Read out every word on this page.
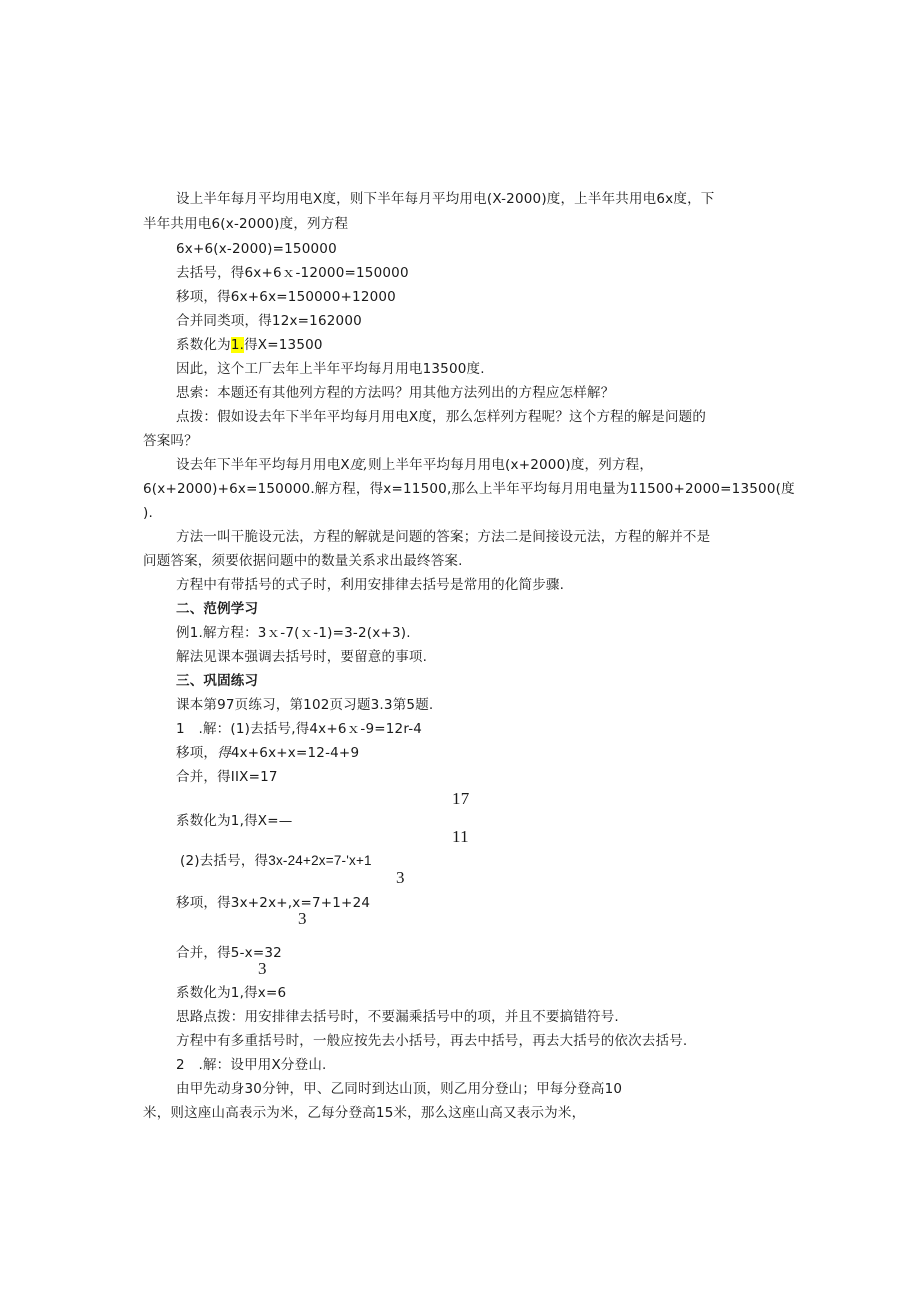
设上半年每月平均用电X度，则下半年每月平均用电(X-2000)度，上半年共用电6x度，下
半年共用电6(x-2000)度，列方程
6x+6(x-2000)=150000
去括号，得6x+6ｘ-12000=150000
移项，得6x+6x=150000+12000
合并同类项，得12x=162000
系数化为1.得X=13500
因此，这个工厂去年上半年平均每月用电13500度.
思索：本题还有其他列方程的方法吗？用其他方法列出的方程应怎样解？
点拨：假如设去年下半年平均每月用电X度，那么怎样列方程呢？这个方程的解是问题的
答案吗？
设去年下半年平均每月用电X度,则上半年平均每月用电(x+2000)度，列方程，
6(x+2000)+6x=150000.解方程，得x=11500,那么上半年平均每月用电量为11500+2000=13500(度
).
方法一叫干脆设元法，方程的解就是问题的答案；方法二是间接设元法，方程的解并不是
问题答案，须要依据问题中的数量关系求出最终答案.
方程中有带括号的式子时，利用安排律去括号是常用的化简步骤.
二、范例学习
例1.解方程：3ｘ-7(ｘ-1)=3-2(x+3).
解法见课本强调去括号时，要留意的事项.
三、巩固练习
课本第97页练习，第102页习题3.3第5题.
1　.解：(1)去括号,得4x+6ｘ-9=12r-4
移项，得4x+6x+x=12-4+9
合并，得IIX=17
17
系数化为1,得X=—
11
(2)去括号，得3x-24+2x=7-'x+1
3
移项，得3x+2x+,x=7+1+24
3
合并，得5-x=32
3
系数化为1,得x=6
思路点拨：用安排律去括号时，不要漏乘括号中的项，并且不要搞错符号.
方程中有多重括号时，一般应按先去小括号，再去中括号，再去大括号的依次去括号.
2　.解：设甲用X分登山.
由甲先动身30分钟，甲、乙同时到达山顶，则乙用分登山；甲每分登高10
米，则这座山高表示为米，乙每分登高15米，那么这座山高又表示为米，
